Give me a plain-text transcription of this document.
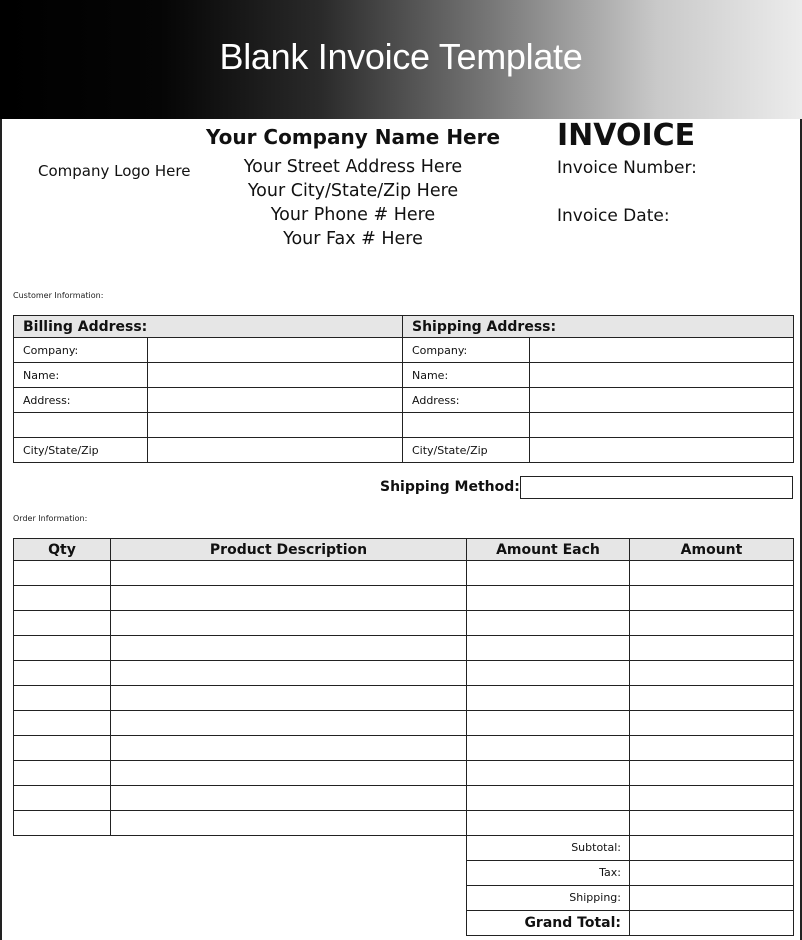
Blank Invoice Template
Company Logo Here
Your Company Name Here
Your Street Address Here
Your City/State/Zip Here
Your Phone # Here
Your Fax # Here
INVOICE
Invoice Number:
Invoice Date:
Customer Information:
Billing Address:		Shipping Address:	
Company:		Company:	
Name:		Name:	
Address:		Address:	

City/State/Zip		City/State/Zip	
Shipping Method:
Order Information:
Qty	Product Description	Amount Each	Amount

Subtotal:	
Tax:	
Shipping:	
Grand Total:	
